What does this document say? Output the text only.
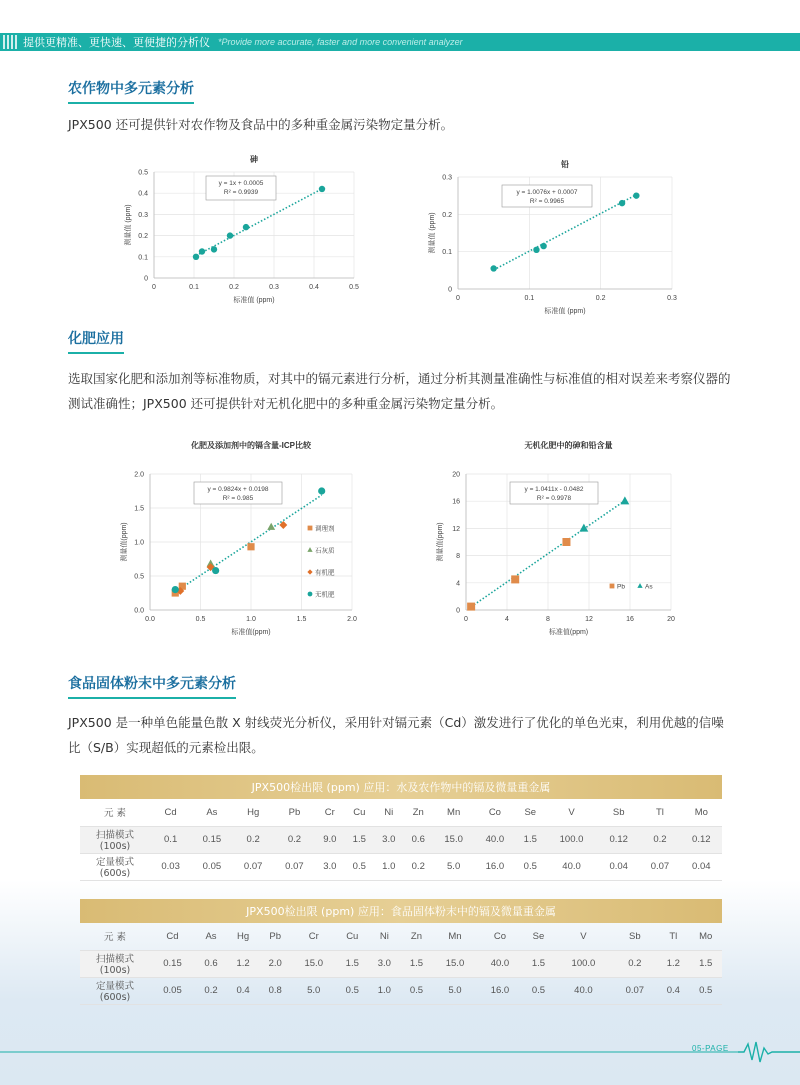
提供更精准、更快速、更便捷的分析仪 *Provide more accurate, faster and more convenient analyzer
农作物中多元素分析
JPX500 还可提供针对农作物及食品中的多种重金属污染物定量分析。
砷
0
0.1
0.2
0.3
0.4
0.5
0	0.1	0.2	0.3	0.4	0.5
标准值 (ppm)
测量值 (ppm)
y = 1x + 0.0005
R² = 0.9939
铅
0
0.1
0.2
0.3
0	0.1	0.2	0.3
标准值 (ppm)
测量值 (ppm)
y = 1.0076x + 0.0007
R² = 0.9965
化肥应用
选取国家化肥和添加剂等标准物质，对其中的镉元素进行分析，通过分析其测量准确性与标准值的相对误差来考察仪器的测试准确性；JPX500 还可提供针对无机化肥中的多种重金属污染物定量分析。
化肥及添加剂中的镉含量-ICP比较
0.0
0.5
1.0
1.5
2.0
0.0	0.5	1.0	1.5	2.0
标准值(ppm)
测量值(ppm)
y = 0.9824x + 0.0198
R² = 0.985
调理剂
石灰质
有机肥
无机肥
无机化肥中的砷和铅含量
0
4
8
12
16
20
0	4	8	12	16	20
标准值(ppm)
测量值(ppm)
y = 1.0411x - 0.0482
R² = 0.9978
Pb	As
食品固体粉末中多元素分析
JPX500 是一种单色能量色散 X 射线荧光分析仪，采用针对镉元素（Cd）激发进行了优化的单色光束，利用优越的信噪比（S/B）实现超低的元素检出限。
JPX500检出限 (ppm) 应用：水及农作物中的镉及微量重金属															
元 素	Cd	As	Hg	Pb	Cr	Cu	Ni	Zn	Mn	Co	Se	V	Sb	Tl	Mo
扫描模式 (100s)	0.1	0.15	0.2	0.2	9.0	1.5	3.0	0.6	15.0	40.0	1.5	100.0	0.12	0.2	0.12
定量模式 (600s)	0.03	0.05	0.07	0.07	3.0	0.5	1.0	0.2	5.0	16.0	0.5	40.0	0.04	0.07	0.04
JPX500检出限 (ppm) 应用：食品固体粉末中的镉及微量重金属															
元 素	Cd	As	Hg	Pb	Cr	Cu	Ni	Zn	Mn	Co	Se	V	Sb	Tl	Mo
扫描模式 (100s)	0.15	0.6	1.2	2.0	15.0	1.5	3.0	1.5	15.0	40.0	1.5	100.0	0.2	1.2	1.5
定量模式 (600s)	0.05	0.2	0.4	0.8	5.0	0.5	1.0	0.5	5.0	16.0	0.5	40.0	0.07	0.4	0.5
05-PAGE
